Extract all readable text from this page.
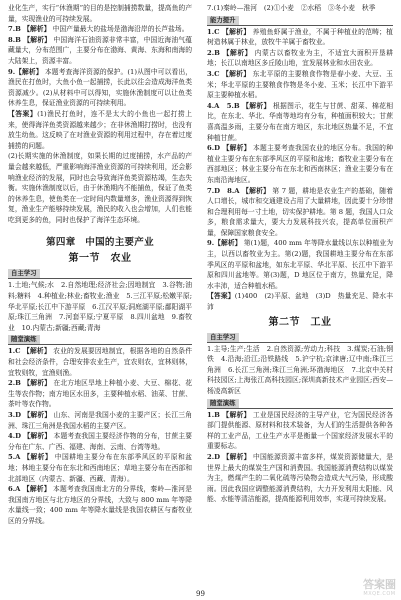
业化生产，实行“休渔期”的目的是控制捕捞数量，提高鱼的产量，实现渔业的可持续发展。
7.B 【解析】 中国产量最大的盐场是渤海沿岸的长芦盐场。
8.B 【解析】 中国海洋石油资源非常丰富，中国近海油气蕴藏量大，分布范围广，主要分布在渤海、黄海、东海和南海的大陆架上，资源丰富。
9.【解析】 本题考查海洋资源的保护。(1)从图中可以看出，渔民在打鱼时，大鱼小鱼一起捕捞，长此以往会造成海洋鱼类资源减少。(2)从材料中可以得知，实施休渔制度可以让鱼类休养生息，保证渔业资源的可持续利用。
【答案】(1)渔民打鱼时，连不是太大的小鱼也一起打捞上来，使得海洋鱼类资源越来越少；在非休渔期打捞时，也没有放生幼鱼。这反映了在对渔业资源的利用过程中，存在着过度捕捞的问题。
(2)长期实施的休渔制度，如果长期的过度捕捞，水产品的产量会越来越低，严重影响海洋渔业资源的可持续利用，还会影响渔业经济的发展，同时也会导致海洋鱼类资源枯竭，生态失衡。实施休渔制度以后，由于休渔期内不能捕鱼，保证了鱼类的休养生息，使鱼类在一定时间内数量增多，渔业资源得到恢复，渔业生产能够持续发展，渔民的收入也会增加，人们也能吃到更多的鱼，同时也保护了海洋生态环境。
第四章　中国的主要产业
第一节　农业
自主学习
1.土地;气候;水　2.自然地理;经济社会;因地制宜　3.谷物;油料;糖料　4.种植业;林业;畜牧业;渔业　5.三江平原;松嫩平原;华北平原;长江中下游平原　6.江汉平原;洞庭湖平原;鄱阳湖平原;珠江三角洲　7.河套平原;宁夏平原　8.四川盆地　9.畜牧业　10.内蒙古;新疆;西藏;青海
随堂演练
1.C 【解析】 农业的发展要因地制宜，根据各地的自然条件和社会经济条件，合理安排农业生产，宜农则农，宜林则林，宜牧则牧，宜渔则渔。
2.B 【解析】 在北方地区旱地上种植小麦、大豆、棉花、花生等农作物；南方地区水田多，主要种植水稻、油菜、甘蔗、茶叶等农作物。
3.D 【解析】 山东、河南是我国小麦的主要产区；长江三角洲、珠江三角洲是我国水稻的主要产区。
4.D 【解析】 本题考查我国主要经济作物的分布，甘蔗主要分布在广东、广西、福建、海南、云南、台湾等地。
5.A 【解析】 中国耕地主要分布在东部季风区的平原和盆地；林地主要分布在东北和西南地区；草地主要分布在西部和北部地区（内蒙古、新疆、西藏、青海）。
6.A 【解析】 本题考查我国南北方的分界线，秦岭—淮河是我国南方地区与北方地区的分界线，大致与 800 mm 年等降水量线一致；400 mm 年等降水量线是我国农耕区与畜牧业区的分界线。
7.(1)秦岭—淮河　(2)①小麦　②水稻　③冬小麦　秋季
能力提升
1.C 【解析】 养殖鱼虾属于渔业，不属于种植业的范畴；植树造林属于林业，放牧牛羊属于畜牧业。
2.B 【解析】 内蒙古以畜牧业为主，不适宜大面积开垦耕地；长江以南地区多丘陵山地，宜发展林业和水田农业。
3.C 【解析】 东北平原的主要粮食作物是春小麦、大豆、玉米；华北平原的主要粮食作物是冬小麦、玉米；长江中下游平原主要种植水稻。
4.A　5.B 【解析】 根据图示，花生与甘蔗、甜菜、棉花相比，在东北、华北、华南等地均有分布，种植面积较大；甘蔗喜高温多雨，主要分布在南方地区，东北地区热量不足，不宜种植甘蔗。
6.D 【解析】 本题主要考查我国农业的地区分布。我国的种植业主要分布在东部季风区的平原和盆地；畜牧业主要分布在西部地区；林业主要分布在东北和西南林区；渔业主要分布在东南沿海地区。
7.D　8.A 【解析】 第 7 题，耕地是农业生产的基础，随着人口增长，城市和交通建设占用了大量耕地，因此要十分珍惜和合理利用每一寸土地，切实保护耕地。第 8 题，我国人口众多，粮食需求量大，要大力发展科技兴农，提高单位面积产量，保障国家粮食安全。
9.【解析】 第(1)题，400 mm 年等降水量线以东以种植业为主，以西以畜牧业为主。第(2)题，我国耕地主要分布在东部季风区的平原和盆地，如东北平原、华北平原、长江中下游平原和四川盆地等。第(3)题，D 地区位于南方，热量充足，降水丰沛，适合种植水稻。
【答案】(1)400　(2)平原、盆地　(3)D　热量充足、降水丰沛
第二节　工业
自主学习
1.主导;生产;生活　2.自然资源;劳动力;科技　3.煤炭;石油;钢铁　4.沿海;沿江;沿铁路线　5.沪宁杭;京津唐;辽中南;珠江三角洲　6.长江三角洲;珠江三角洲;环渤海地区　7.北京中关村科技园区;上海张江高科技园区;深圳高新技术产业园区;西安—杨凌高新区
随堂演练
1.B 【解析】 工业是国民经济的主导产业，它为国民经济各部门提供能源、原材料和技术装备，为人们的生活提供各种各样的工业产品，工业生产水平是衡量一个国家经济发展水平的重要标志。
2.D 【解析】 中国能源资源丰富多样，煤炭资源储量大，是世界上最大的煤炭生产国和消费国。我国能源消费结构以煤炭为主，燃煤产生的二氧化硫等污染物会造成大气污染，形成酸雨。因此我国应调整能源消费结构，大力开发利用太阳能、风能、水能等清洁能源，提高能源利用效率，实现可持续发展。
答案圈
MXQE.COM
99
